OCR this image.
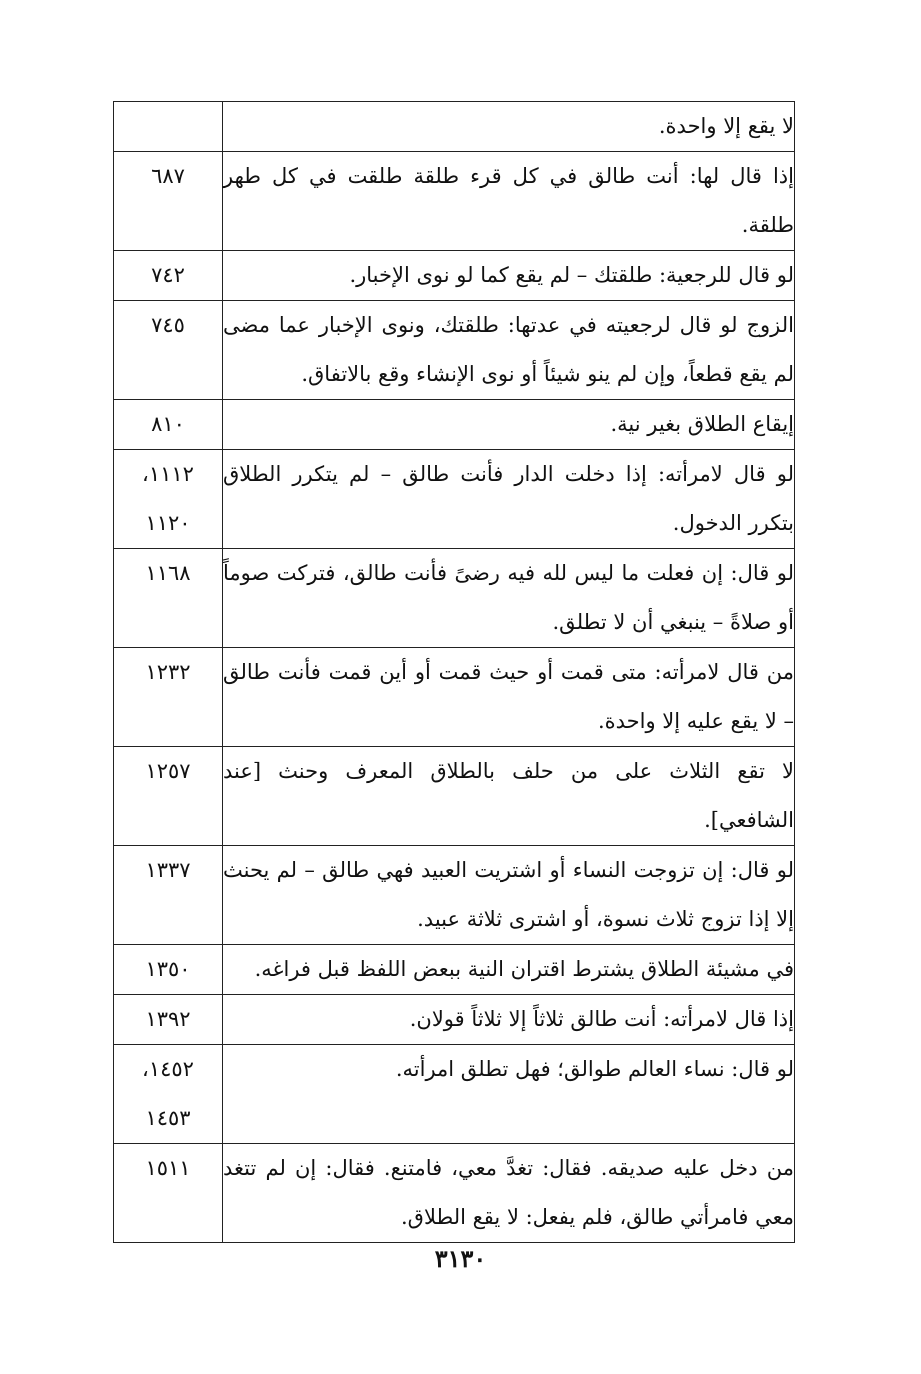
لا يقع إلا واحدة.	
إذا قال لها: أنت طالق في كل قرء طلقة طلقت في كل طهر طلقة.	٦٨٧

لو قال للرجعية: طلقتك – لم يقع كما لو نوى الإخبار.	٧٤٢

الزوج لو قال لرجعيته في عدتها: طلقتك، ونوى الإخبار عما مضى لم يقع قطعاً، وإن لم ينو شيئاً أو نوى الإنشاء وقع بالاتفاق.	٧٤٥

إيقاع الطلاق بغير نية.	٨١٠

لو قال لامرأته: إذا دخلت الدار فأنت طالق – لم يتكرر الطلاق بتكرر الدخول.	١١١٢،
١١٢٠

لو قال: إن فعلت ما ليس لله فيه رضىً فأنت طالق، فتركت صوماً أو صلاةً – ينبغي أن لا تطلق.	١١٦٨

من قال لامرأته: متى قمت أو حيث قمت أو أين قمت فأنت طالق – لا يقع عليه إلا واحدة.	١٢٣٢

لا تقع الثلاث على من حلف بالطلاق المعرف وحنث [عند الشافعي].	١٢٥٧

لو قال: إن تزوجت النساء أو اشتريت العبيد فهي طالق – لم يحنث إلا إذا تزوج ثلاث نسوة، أو اشترى ثلاثة عبيد.	١٣٣٧

في مشيئة الطلاق يشترط اقتران النية ببعض اللفظ قبل فراغه.	١٣٥٠

إذا قال لامرأته: أنت طالق ثلاثاً إلا ثلاثاً قولان.	١٣٩٢

لو قال: نساء العالم طوالق؛ فهل تطلق امرأته.	١٤٥٢،
١٤٥٣

من دخل عليه صديقه. فقال: تغدَّ معي، فامتنع. فقال: إن لم تتغد معي فامرأتي طالق، فلم يفعل: لا يقع الطلاق.	١٥١١
٣١٣٠
